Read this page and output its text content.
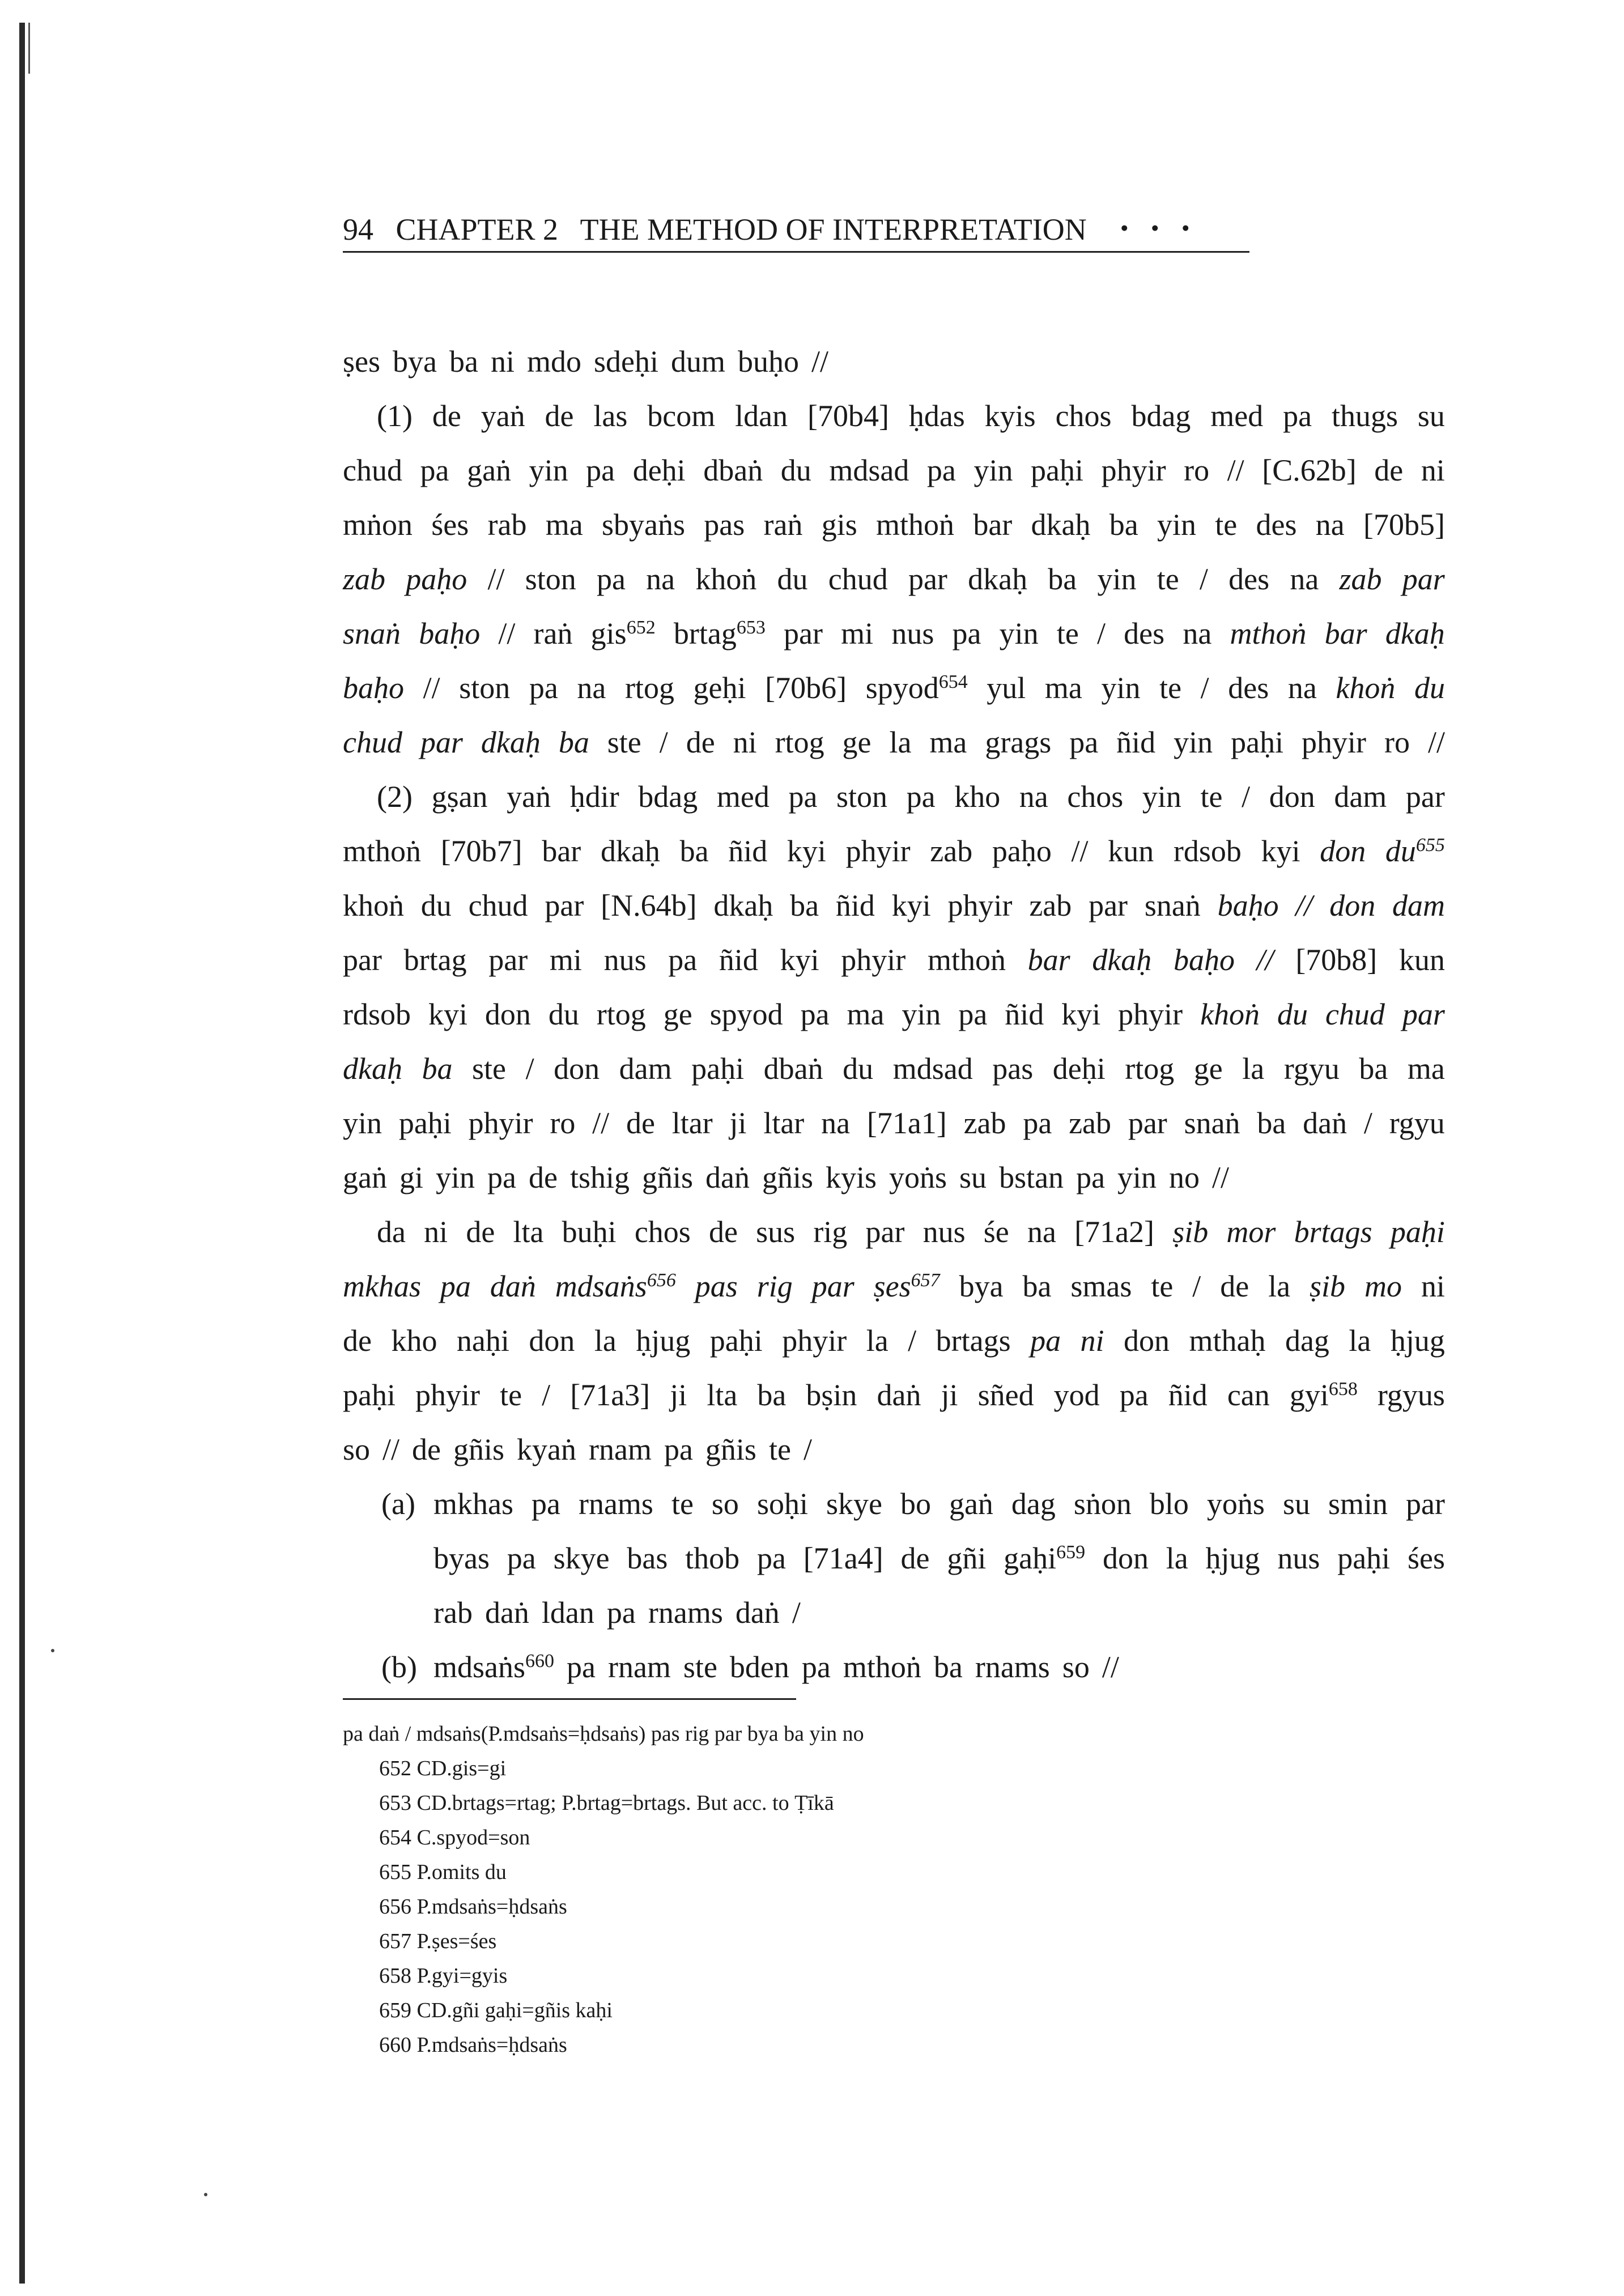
94 CHAPTER 2 THE METHOD OF INTERPRETATION ・・・
ṣes bya ba ni mdo sdeḥi dum buḥo //
(1) de yaṅ de las bcom ldan [70b4] ḥdas kyis chos bdag med pa thugs su
chud pa gaṅ yin pa deḥi dbaṅ du mdsad pa yin paḥi phyir ro // [C.62b] de ni
mṅon śes rab ma sbyaṅs pas raṅ gis mthoṅ bar dkaḥ ba yin te des na [70b5]
zab paḥo // ston pa na khoṅ du chud par dkaḥ ba yin te / des na zab par
snaṅ baḥo // raṅ gis$^{652}$ brtag$^{653}$ par mi nus pa yin te / des na mthoṅ bar dkaḥ
baḥo // ston pa na rtog geḥi [70b6] spyod$^{654}$ yul ma yin te / des na khoṅ du
chud par dkaḥ ba ste / de ni rtog ge la ma grags pa ñid yin paḥi phyir ro //
(2) gṣan yaṅ ḥdir bdag med pa ston pa kho na chos yin te / don dam par
mthoṅ [70b7] bar dkaḥ ba ñid kyi phyir zab paḥo // kun rdsob kyi don $du^{655}$
khoṅ du chud par [N.64b] dkaḥ ba ñid kyi phyir zab par snaṅ baḥo // don dam
par brtag par mi nus pa ñid kyi phyir mthoṅ bar dkaḥ baḥo // [70b8] kun
rdsob kyi don du rtog ge spyod pa ma yin pa ñid kyi phyir khoṅ du chud par
dkaḥ ba ste / don dam paḥi dbaṅ du mdsad pas deḥi rtog ge la rgyu ba ma
yin paḥi phyir ro // de ltar ji ltar na [71a1] zab pa zab par snaṅ ba daṅ / rgyu
gaṅ gi yin pa de tshig gñis daṅ gñis kyis yoṅs su bstan pa yin no //
da ni de lta buḥi chos de sus rig par nus śe na [71a2] ṣib mor brtags paḥi
mkhas pa daṅ mdsaṅs$^{656}$ pas rig par ṣes$^{657}$ bya ba smas te / de la ṣib mo ni
de kho naḥi don la ḥjug paḥi phyir la / brtags pa ni don mthaḥ dag la ḥjug
paḥi phyir te / [71a3] ji lta ba bṣin daṅ ji sñed yod pa ñid can gyi$^{658}$ rgyus
so // de gñis kyaṅ rnam pa gñis te /
(a) mkhas pa rnams te so soḥi skye bo gaṅ dag sṅon blo yoṅs su smin par
byas pa skye bas thob pa [71a4] de gñi gaḥi$^{659}$ don la ḥjug nus paḥi śes
rab daṅ ldan pa rnams daṅ /
(b) mdsaṅs$^{660}$ pa rnam ste bden pa mthoṅ ba rnams so //
pa daṅ / mdsaṅs(P.mdsaṅs=ḥdsaṅs) pas rig par bya ba yin no
652 CD.gis=gi
653 CD.brtags=rtag; P.brtag=brtags. But acc. to Ṭīkā
654 C.spyod=son
655 P.omits du
656 P.mdsaṅs=ḥdsaṅs
657 P.ṣes=śes
658 P.gyi=gyis
659 CD.gñi gaḥi=gñis kaḥi
660 P.mdsaṅs=ḥdsaṅs
